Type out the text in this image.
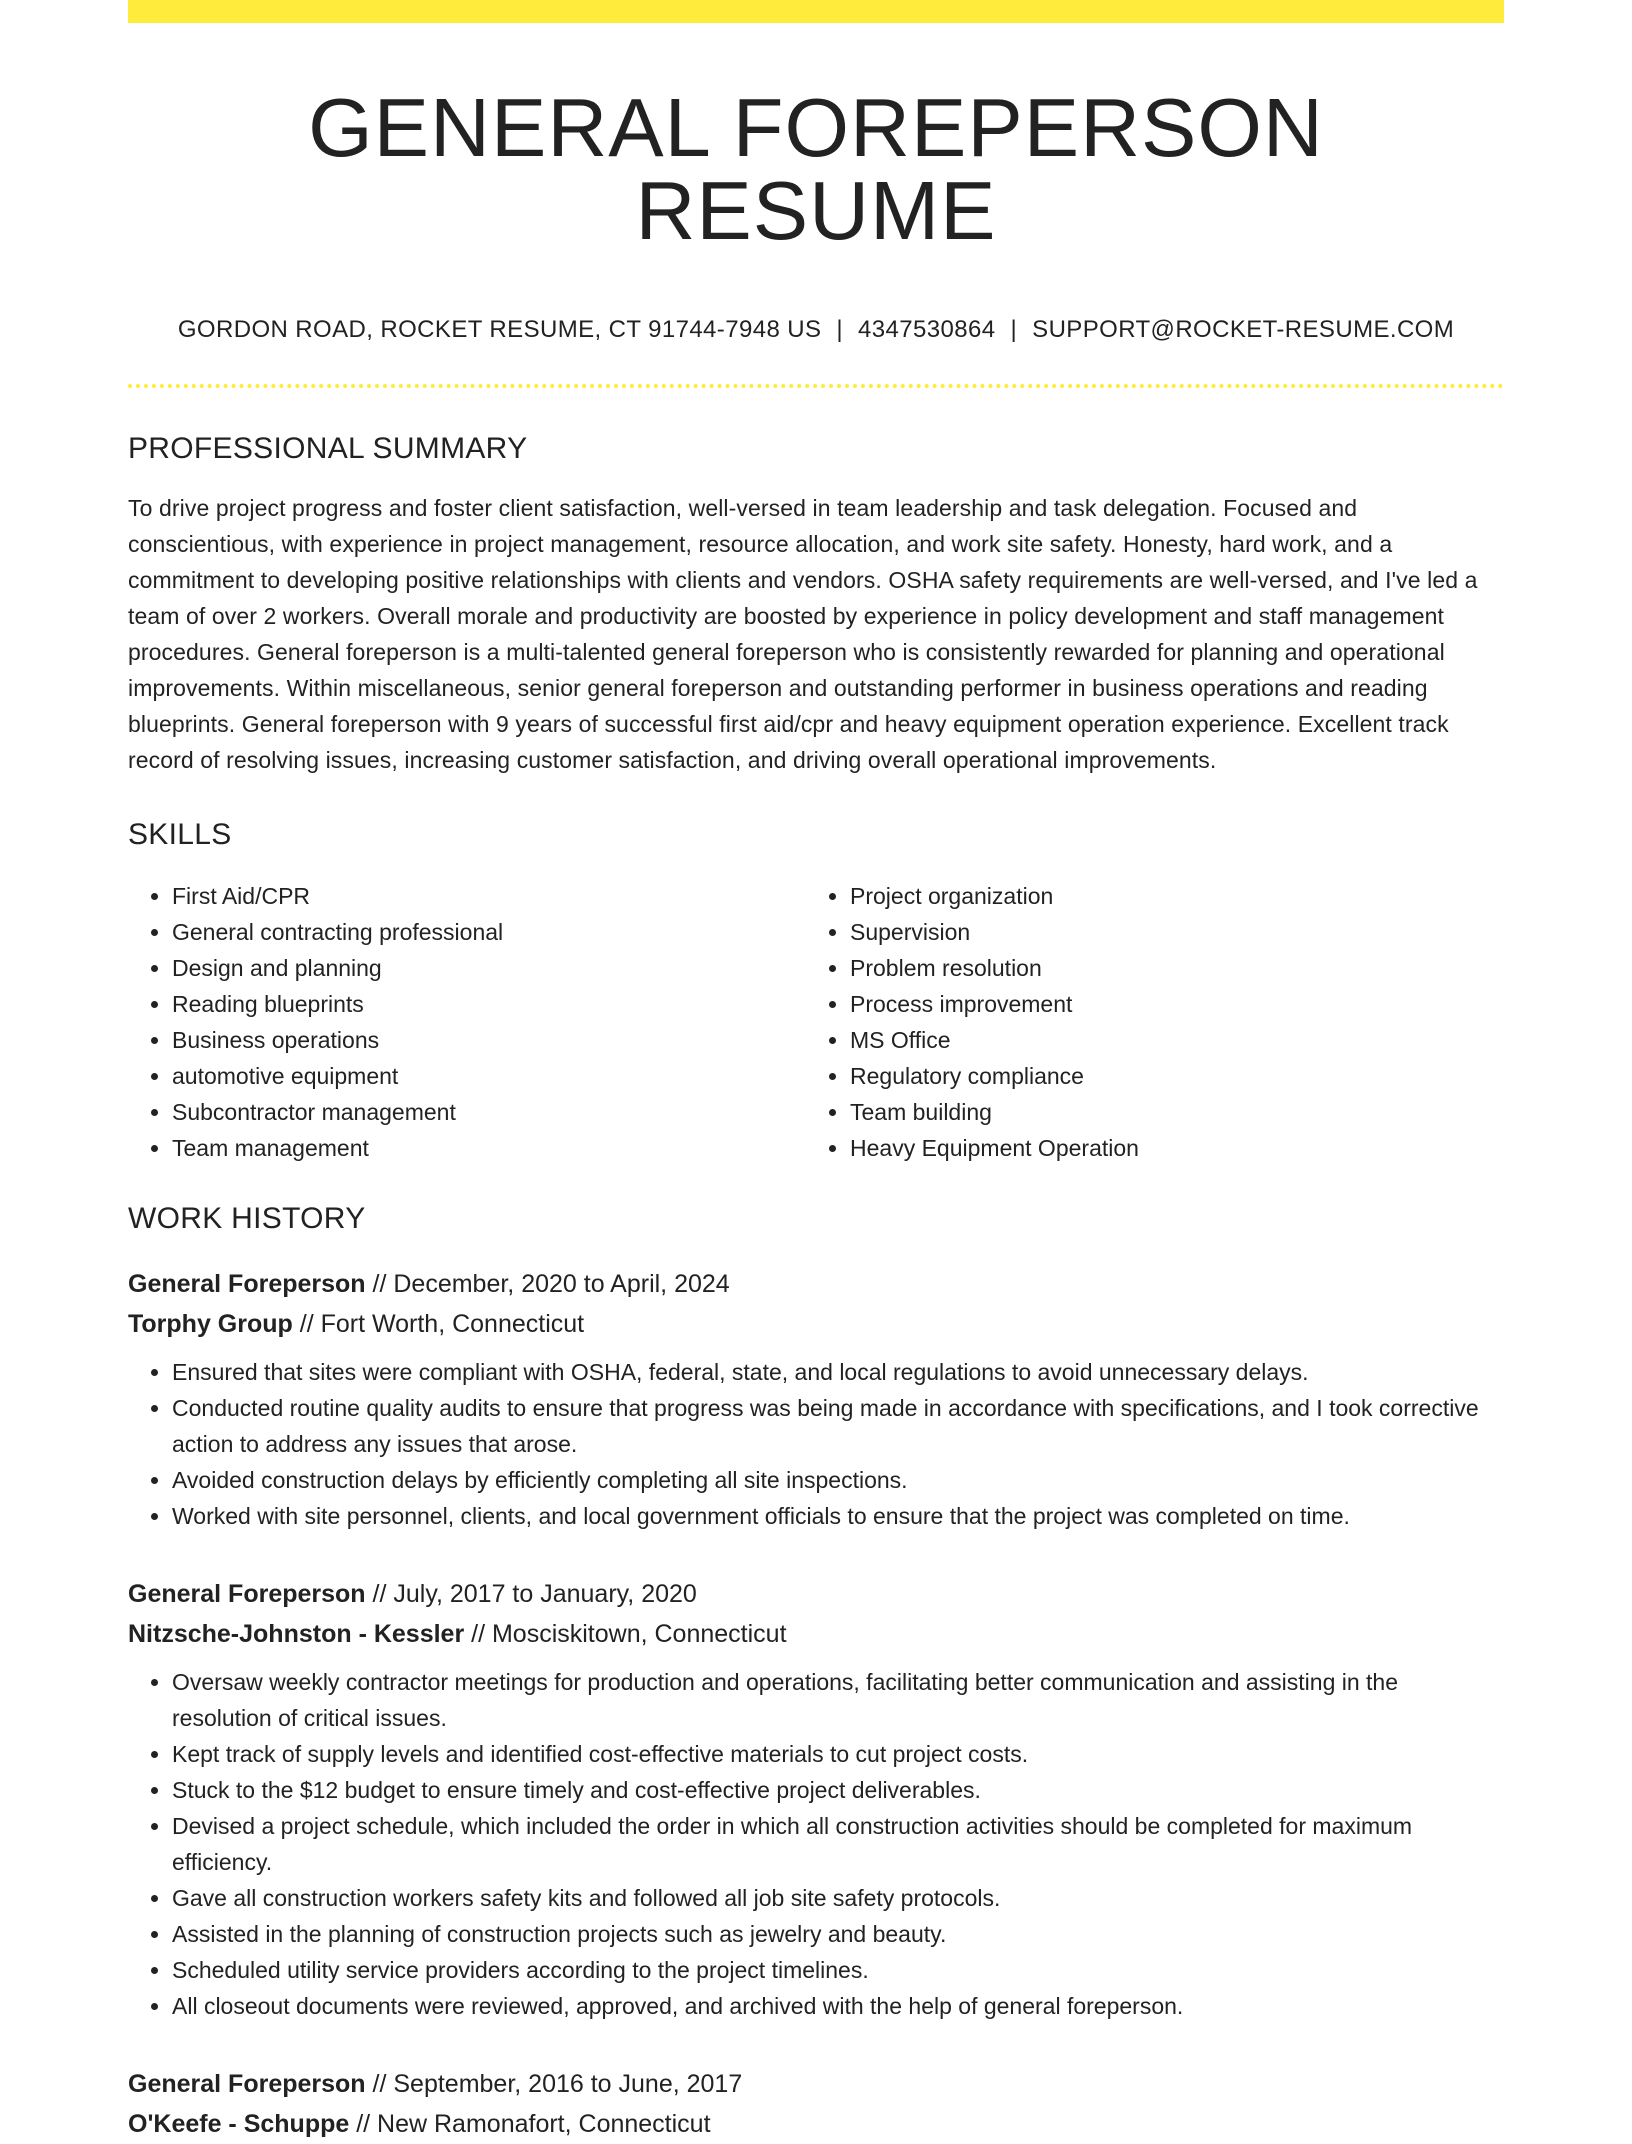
GENERAL FOREPERSON RESUME
GORDON ROAD, ROCKET RESUME, CT 91744-7948 US | 4347530864 | SUPPORT@ROCKET-RESUME.COM
PROFESSIONAL SUMMARY

To drive project progress and foster client satisfaction, well-versed in team leadership and task delegation. Focused and conscientious, with experience in project management, resource allocation, and work site safety. Honesty, hard work, and a commitment to developing positive relationships with clients and vendors. OSHA safety requirements are well-versed, and I've led a team of over 2 workers. Overall morale and productivity are boosted by experience in policy development and staff management procedures. General foreperson is a multi-talented general foreperson who is consistently rewarded for planning and operational improvements. Within miscellaneous, senior general foreperson and outstanding performer in business operations and reading blueprints. General foreperson with 9 years of successful first aid/cpr and heavy equipment operation experience. Excellent track record of resolving issues, increasing customer satisfaction, and driving overall operational improvements.

SKILLS
• First Aid/CPR
• General contracting professional
• Design and planning
• Reading blueprints
• Business operations
• automotive equipment
• Subcontractor management
• Team management
• Project organization
• Supervision
• Problem resolution
• Process improvement
• MS Office
• Regulatory compliance
• Team building
• Heavy Equipment Operation
WORK HISTORY
General Foreperson // December, 2020 to April, 2024
Torphy Group // Fort Worth, Connecticut
• Ensured that sites were compliant with OSHA, federal, state, and local regulations to avoid unnecessary delays.
• Conducted routine quality audits to ensure that progress was being made in accordance with specifications, and I took corrective action to address any issues that arose.
• Avoided construction delays by efficiently completing all site inspections.
• Worked with site personnel, clients, and local government officials to ensure that the project was completed on time.
General Foreperson // July, 2017 to January, 2020
Nitzsche-Johnston - Kessler // Mosciskitown, Connecticut
• Oversaw weekly contractor meetings for production and operations, facilitating better communication and assisting in the resolution of critical issues.
• Kept track of supply levels and identified cost-effective materials to cut project costs.
• Stuck to the $12 budget to ensure timely and cost-effective project deliverables.
• Devised a project schedule, which included the order in which all construction activities should be completed for maximum efficiency.
• Gave all construction workers safety kits and followed all job site safety protocols.
• Assisted in the planning of construction projects such as jewelry and beauty.
• Scheduled utility service providers according to the project timelines.
• All closeout documents were reviewed, approved, and archived with the help of general foreperson.
General Foreperson // September, 2016 to June, 2017
O'Keefe - Schuppe // New Ramonafort, Connecticut
